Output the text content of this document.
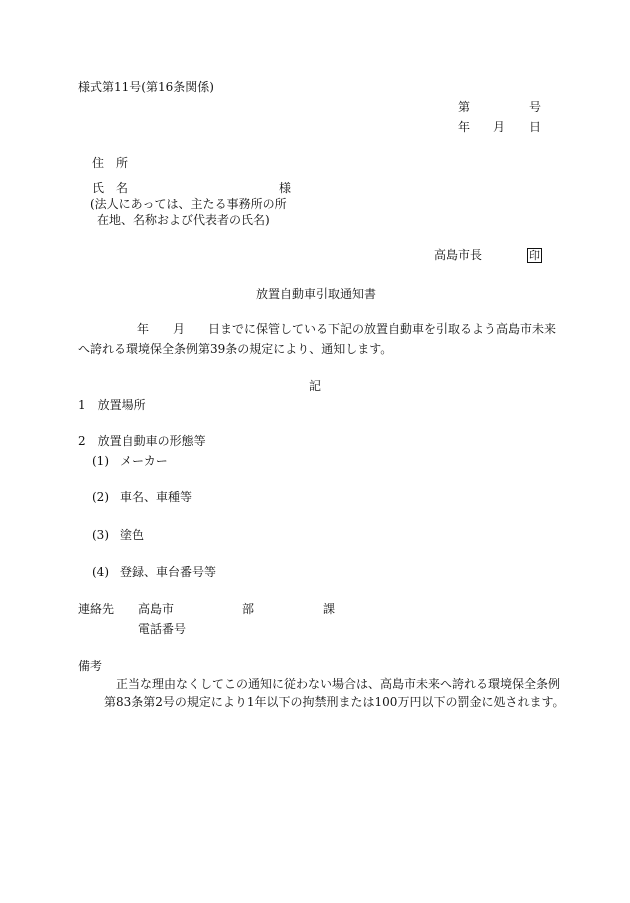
様式第11号(第16条関係)
第	号
年 月 日
住　所
氏　名	様
(法人にあっては、主たる事務所の所
在地、名称および代表者の氏名)
高島市長	印
放置自動車引取通知書
年 月 日までに保管している下記の放置自動車を引取るよう高島市未来
へ誇れる環境保全条例第39条の規定により、通知します。
記
1　放置場所
2　放置自動車の形態等
(1) メーカー
(2) 車名、車種等
(3) 塗色
(4) 登録、車台番号等
連絡先 高島市	部	課
電話番号
備考
正当な理由なくしてこの通知に従わない場合は、高島市未来へ誇れる環境保全条例
第83条第2号の規定により1年以下の拘禁刑または100万円以下の罰金に処されます。
